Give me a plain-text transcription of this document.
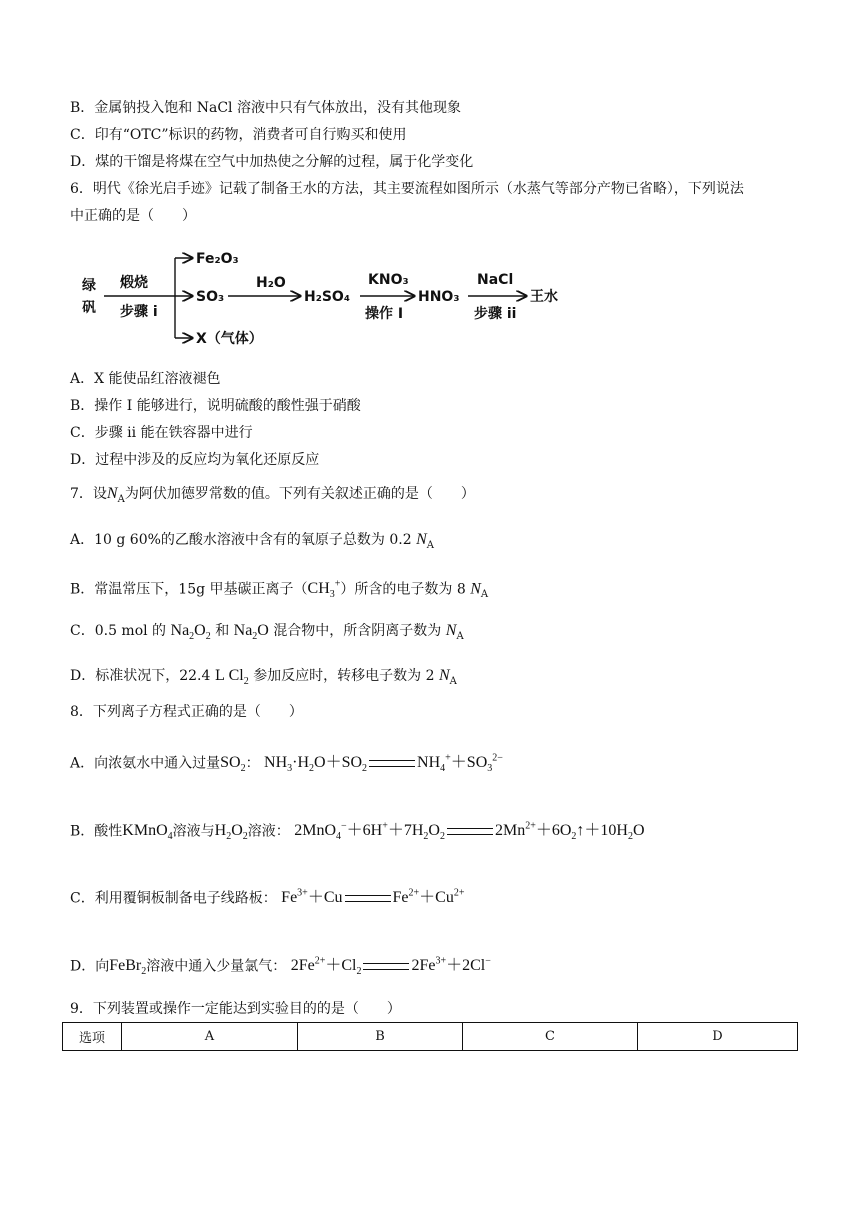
B．金属钠投入饱和 NaCl 溶液中只有气体放出，没有其他现象
C．印有“OTC”标识的药物，消费者可自行购买和使用
D．煤的干馏是将煤在空气中加热使之分解的过程，属于化学变化
6．明代《徐光启手迹》记载了制备王水的方法，其主要流程如图所示（水蒸气等部分产物已省略），下列说法
中正确的是（　　）
绿
矾
煅烧
步骤 i
Fe₂O₃
SO₃
X（气体）
H₂O
H₂SO₄
KNO₃
操作 I
HNO₃
NaCl
步骤 ii
王水
A．X 能使品红溶液褪色
B．操作 I 能够进行，说明硫酸的酸性强于硝酸
C．步骤 ii 能在铁容器中进行
D．过程中涉及的反应均为氧化还原反应
7．设$N_A$为阿伏加德罗常数的值。下列有关叙述正确的是（　　）
A．10 g 60%的乙酸水溶液中含有的氧原子总数为 0.2 $N_A$
B．常温常压下，15g 甲基碳正离子$(CH_3^+)$所含的电子数为 8 $N_A$
C．0.5 mol 的 $Na_2O_2$ 和 $Na_2O$ 混合物中，所含阴离子数为 $N_A$
D．标准状况下，22.4 L $Cl_2$ 参加反应时，转移电子数为 2 $N_A$
8．下列离子方程式正确的是（　　）
A．向浓氨水中通入过量$SO_2$： $NH_3\cdot H_2O+SO_2$	$NH_4^++SO_3^{2-}$
B．酸性KMnO$_4$溶液与$H_2O_2$溶液： $2MnO_4^-+6H^++7H_2O_2$	$2Mn^{2+}+6O_2↑+10H_2O$
C．利用覆铜板制备电子线路板： $Fe^{3+}+Cu$	$Fe^{2+}+Cu^{2+}$
D．向FeBr$_2$溶液中通入少量氯气： $2Fe^{2+}+Cl_2$	$2Fe^{3+}+2Cl^-$
9．下列装置或操作一定能达到实验目的的是（　　）
选项	A	B	C	D
